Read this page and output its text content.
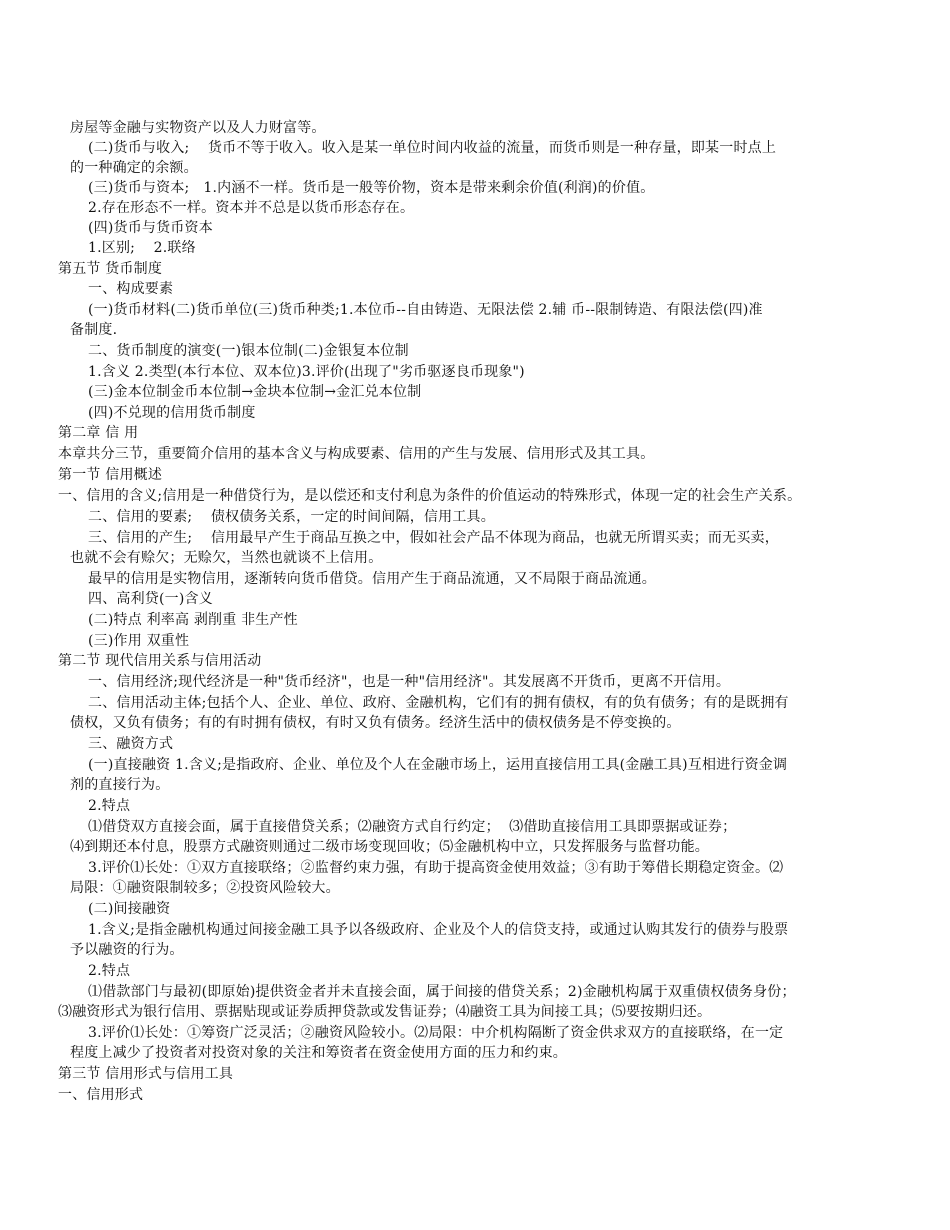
房屋等金融与实物资产以及人力财富等。
(二)货币与收入;    货币不等于收入。收入是某一单位时间内收益的流量，而货币则是一种存量，即某一时点上
的一种确定的余额。
(三)货币与资本;   1.内涵不一样。货币是一般等价物，资本是带来剩余价值(利润)的价值。
2.存在形态不一样。资本并不总是以货币形态存在。
(四)货币与货币资本
1.区别;    2.联络
第五节 货币制度
一、构成要素
(一)货币材料(二)货币单位(三)货币种类;1.本位币--自由铸造、无限法偿 2.辅 币--限制铸造、有限法偿(四)准
备制度.
二、货币制度的演变(一)银本位制(二)金银复本位制
1.含义 2.类型(本行本位、双本位)3.评价(出现了"劣币驱逐良币现象")
(三)金本位制金币本位制→金块本位制→金汇兑本位制
(四)不兑现的信用货币制度
第二章 信 用
本章共分三节，重要简介信用的基本含义与构成要素、信用的产生与发展、信用形式及其工具。
第一节 信用概述
一、信用的含义;信用是一种借贷行为，是以偿还和支付利息为条件的价值运动的特殊形式，体现一定的社会生产关系。
二、信用的要素;    债权债务关系，一定的时间间隔，信用工具。
三、信用的产生;    信用最早产生于商品互换之中，假如社会产品不体现为商品，也就无所谓买卖；而无买卖，
也就不会有赊欠；无赊欠，当然也就谈不上信用。
最早的信用是实物信用，逐渐转向货币借贷。信用产生于商品流通，又不局限于商品流通。
四、高利贷(一)含义
(二)特点 利率高 剥削重 非生产性
(三)作用 双重性
第二节 现代信用关系与信用活动
一、信用经济;现代经济是一种"货币经济"，也是一种"信用经济"。其发展离不开货币，更离不开信用。
二、信用活动主体;包括个人、企业、单位、政府、金融机构，它们有的拥有债权，有的负有债务；有的是既拥有
债权，又负有债务；有的有时拥有债权，有时又负有债务。经济生活中的债权债务是不停变换的。
三、融资方式
(一)直接融资 1.含义;是指政府、企业、单位及个人在金融市场上，运用直接信用工具(金融工具)互相进行资金调
剂的直接行为。
2.特点
⑴借贷双方直接会面，属于直接借贷关系；⑵融资方式自行约定；  ⑶借助直接信用工具即票据或证券；
⑷到期还本付息，股票方式融资则通过二级市场变现回收；⑸金融机构中立，只发挥服务与监督功能。
3.评价⑴长处：①双方直接联络；②监督约束力强，有助于提高资金使用效益；③有助于筹借长期稳定资金。⑵
局限：①融资限制较多；②投资风险较大。
(二)间接融资
1.含义;是指金融机构通过间接金融工具予以各级政府、企业及个人的信贷支持，或通过认购其发行的债券与股票
予以融资的行为。
2.特点
⑴借款部门与最初(即原始)提供资金者并未直接会面，属于间接的借贷关系；2)金融机构属于双重债权债务身份；
⑶融资形式为银行信用、票据贴现或证券质押贷款或发售证券；⑷融资工具为间接工具；⑸要按期归还。
3.评价⑴长处：①筹资广泛灵活；②融资风险较小。⑵局限：中介机构隔断了资金供求双方的直接联络，在一定
程度上减少了投资者对投资对象的关注和筹资者在资金使用方面的压力和约束。
第三节 信用形式与信用工具
一、信用形式
